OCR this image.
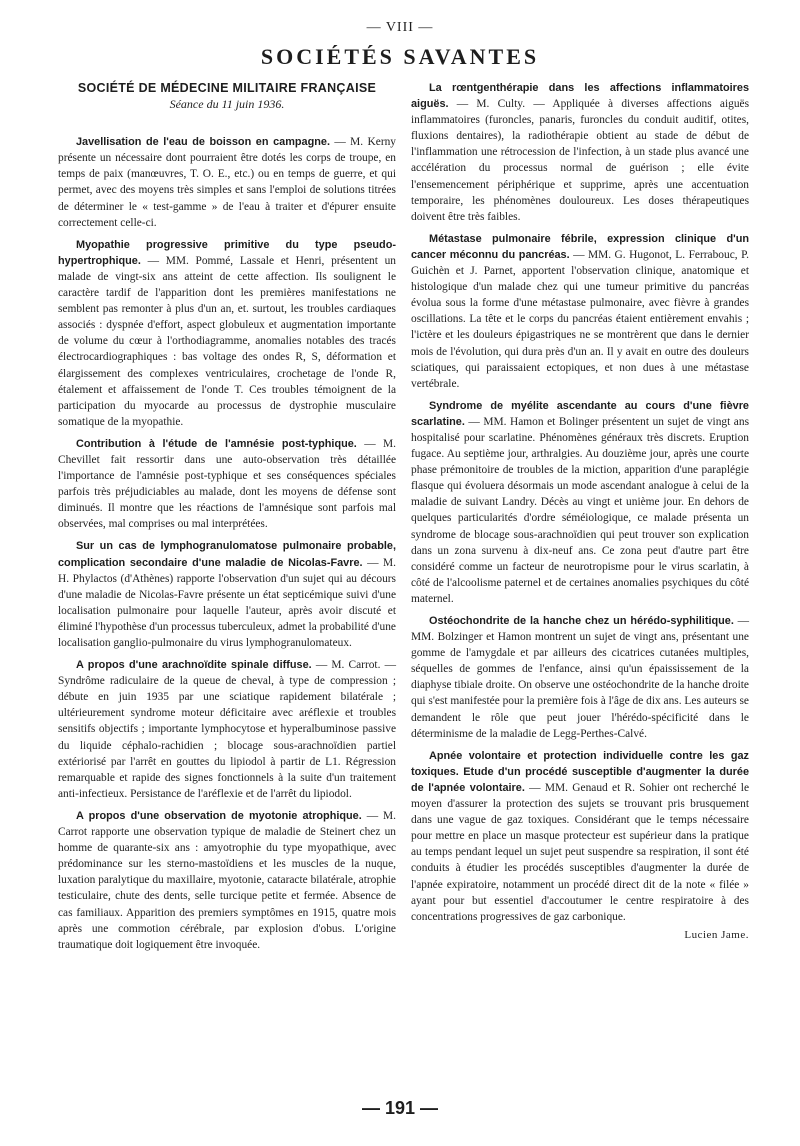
— VIII —
SOCIÉTÉS SAVANTES

SOCIÉTÉ DE MÉDECINE MILITAIRE FRANÇAISE

Séance du 11 juin 1936.

Javellisation de l'eau de boisson en campagne. — M. Kerny présente un nécessaire dont pourraient être dotés les corps de troupe, en temps de paix (manœuvres, T. O. E., etc.) ou en temps de guerre, et qui permet, avec des moyens très simples et sans l'emploi de solutions titrées de déterminer le « test-gamme » de l'eau à traiter et d'épurer ensuite correctement celle-ci.

Myopathie progressive primitive du type pseudo-hypertrophique. — MM. Pommé, Lassale et Henri, présentent un malade de vingt-six ans atteint de cette affection. Ils soulignent le caractère tardif de l'apparition dont les premières manifestations ne semblent pas remonter à plus d'un an, et. surtout, les troubles cardiaques associés : dyspnée d'effort, aspect globuleux et augmentation importante de volume du cœur à l'orthodiagramme, anomalies notables des tracés électrocardiographiques : bas voltage des ondes R, S, déformation et élargissement des complexes ventriculaires, crochetage de l'onde R, étalement et affaissement de l'onde T. Ces troubles témoignent de la participation du myocarde au processus de dystrophie musculaire somatique de la myopathie.

Contribution à l'étude de l'amnésie post-typhique. — M. Chevillet fait ressortir dans une auto-observation très détaillée l'importance de l'amnésie post-typhique et ses conséquences spéciales parfois très préjudiciables au malade, dont les moyens de défense sont diminués. Il montre que les réactions de l'amnésique sont parfois mal observées, mal comprises ou mal interprétées.

Sur un cas de lymphogranulomatose pulmonaire probable, complication secondaire d'une maladie de Nicolas-Favre. — M. H. Phylactos (d'Athènes) rapporte l'observation d'un sujet qui au décours d'une maladie de Nicolas-Favre présente un état septicémique suivi d'une localisation pulmonaire pour laquelle l'auteur, après avoir discuté et éliminé l'hypothèse d'un processus tuberculeux, admet la probabilité d'une localisation ganglio-pulmonaire du virus lymphogranulomateux.

A propos d'une arachnoïdite spinale diffuse. — M. Carrot. — Syndrôme radiculaire de la queue de cheval, à type de compression ; débute en juin 1935 par une sciatique rapidement bilatérale ; ultérieurement syndrome moteur déficitaire avec aréflexie et troubles sensitifs objectifs ; importante lymphocytose et hyperalbuminose passive du liquide céphalo-rachidien ; blocage sous-arachnoïdien partiel extériorisé par l'arrêt en gouttes du lipiodol à partir de L1. Régression remarquable et rapide des signes fonctionnels à la suite d'un traitement anti-infectieux. Persistance de l'aréflexie et de l'arrêt du lipiodol.

A propos d'une observation de myotonie atrophique. — M. Carrot rapporte une observation typique de maladie de Steinert chez un homme de quarante-six ans : amyotrophie du type myopathique, avec prédominance sur les sterno-mastoïdiens et les muscles de la nuque, luxation paralytique du maxillaire, myotonie, cataracte bilatérale, atrophie testiculaire, chute des dents, selle turcique petite et fermée. Absence de cas familiaux. Apparition des premiers symptômes en 1915, quatre mois après une commotion cérébrale, par explosion d'obus. L'origine traumatique doit logiquement être invoquée.

La rœntgenthérapie dans les affections inflammatoires aiguës. — M. Culty. — Appliquée à diverses affections aiguës inflammatoires (furoncles, panaris, furoncles du conduit auditif, otites, fluxions dentaires), la radiothérapie obtient au stade de début de l'inflammation une rétrocession de l'infection, à un stade plus avancé une accélération du processus normal de guérison ; elle évite l'ensemencement périphérique et supprime, après une accentuation temporaire, les phénomènes douloureux. Les doses thérapeutiques doivent être très faibles.

Métastase pulmonaire fébrile, expression clinique d'un cancer méconnu du pancréas. — MM. G. Hugonot, L. Ferrabouc, P. Guichèn et J. Parnet, apportent l'observation clinique, anatomique et histologique d'un malade chez qui une tumeur primitive du pancréas évolua sous la forme d'une métastase pulmonaire, avec fièvre à grandes oscillations. La tête et le corps du pancréas étaient entièrement envahis ; l'ictère et les douleurs épigastriques ne se montrèrent que dans le dernier mois de l'évolution, qui dura près d'un an. Il y avait en outre des douleurs sciatiques, qui paraissaient ectopiques, et non dues à une métastase vertébrale.

Syndrome de myélite ascendante au cours d'une fièvre scarlatine. — MM. Hamon et Bolinger présentent un sujet de vingt ans hospitalisé pour scarlatine. Phénomènes généraux très discrets. Eruption fugace. Au septième jour, arthralgies. Au douzième jour, après une courte phase prémonitoire de troubles de la miction, apparition d'une paraplégie flasque qui évoluera désormais un mode ascendant analogue à celui de la maladie de suivant Landry. Décès au vingt et unième jour. En dehors de quelques particularités d'ordre séméiologique, ce malade présenta un syndrome de blocage sous-arachnoïdien qui peut trouver son explication dans un zona survenu à dix-neuf ans. Ce zona peut d'autre part être considéré comme un facteur de neurotropisme pour le virus scarlatin, à côté de l'alcoolisme paternel et de certaines anomalies psychiques du côté maternel.

Ostéochondrite de la hanche chez un hérédo-syphilitique. — MM. Bolzinger et Hamon montrent un sujet de vingt ans, présentant une gomme de l'amygdale et par ailleurs des cicatrices cutanées multiples, séquelles de gommes de l'enfance, ainsi qu'un épaississement de la diaphyse tibiale droite. On observe une ostéochondrite de la hanche droite qui s'est manifestée pour la première fois à l'âge de dix ans. Les auteurs se demandent le rôle que peut jouer l'hérédo-spécificité dans le déterminisme de la maladie de Legg-Perthes-Calvé.

Apnée volontaire et protection individuelle contre les gaz toxiques. Etude d'un procédé susceptible d'augmenter la durée de l'apnée volontaire. — MM. Genaud et R. Sohier ont recherché le moyen d'assurer la protection des sujets se trouvant pris brusquement dans une vague de gaz toxiques. Considérant que le temps nécessaire pour mettre en place un masque protecteur est supérieur dans la pratique au temps pendant lequel un sujet peut suspendre sa respiration, il sont été conduits à étudier les procédés susceptibles d'augmenter la durée de l'apnée expiratoire, notamment un procédé direct dit de la note « filée » ayant pour but essentiel d'accoutumer le centre respiratoire à des concentrations progressives de gaz carbonique.

Lucien Jame.

— 191 —
